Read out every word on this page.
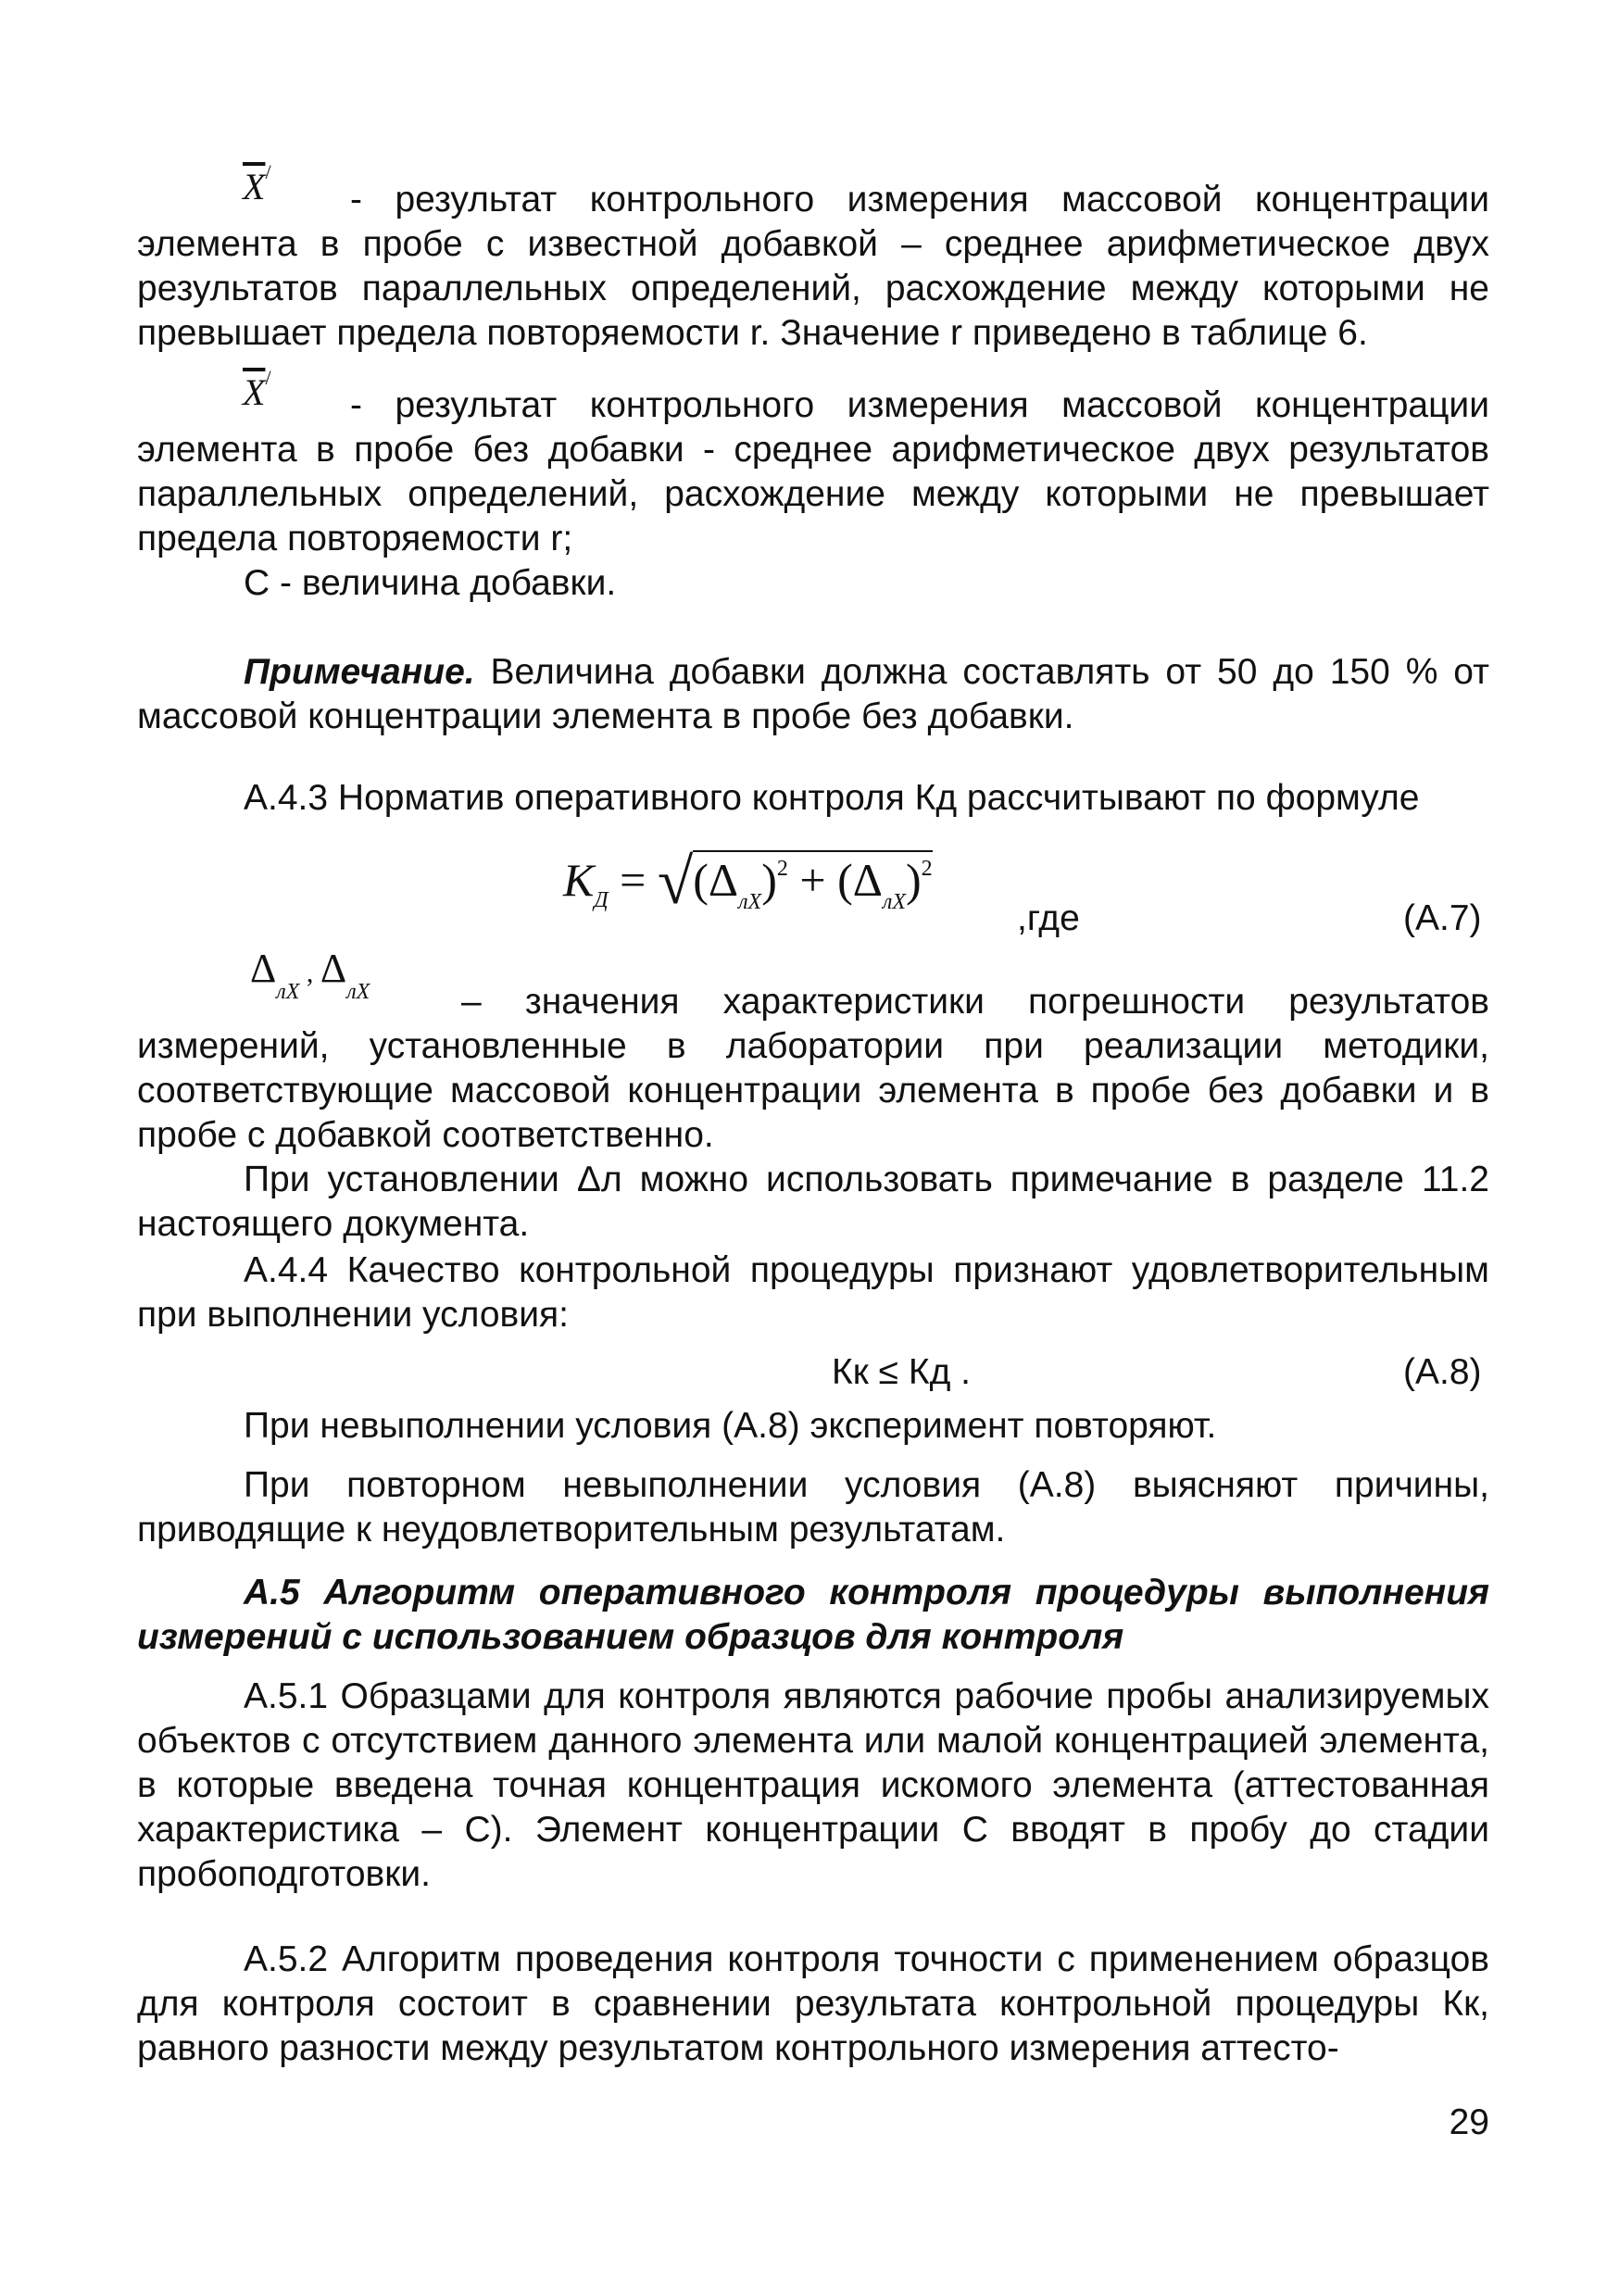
$\overline{X}^/$

- результат контрольного измерения массовой концентрации элемента в пробе с известной добавкой – среднее арифметическое двух результатов параллельных определений, расхождение между которыми не превышает предела повторяемости r. Значение r приведено в таблице 6.

$\overline{X}^/$

- результат контрольного измерения массовой концентрации элемента в пробе без добавки - среднее арифметическое двух результатов параллельных определений, расхождение между которыми не превышает предела повторяемости r;

С - величина добавки.

Примечание. Величина добавки должна составлять от 50 до 150 % от массовой концентрации элемента в пробе без добавки.

А.4.3 Норматив оперативного контроля Кд рассчитывают по формуле

$K_Д = √(\Delta_{лX})^2 + (\Delta_{лX})^2$
,где	(А.7)
$\Delta_{лX}$ , $\Delta_{лX}$	– значения характеристики погрешности результатов измерений, установленные в лаборатории при реализации методики, соответствующие массовой концентрации элемента в пробе без добавки и в пробе с добавкой соответственно.

При установлении Δл можно использовать примечание в разделе 11.2 настоящего документа.

А.4.4 Качество контрольной процедуры признают удовлетворительным при выполнении условия:

Кк ≤ Кд .	(А.8)

При невыполнении условия (А.8) эксперимент повторяют.

При повторном невыполнении условия (А.8) выясняют причины, приводящие к неудовлетворительным результатам.

А.5 Алгоритм оперативного контроля процедуры выполнения измерений с использованием образцов для контроля

А.5.1 Образцами для контроля являются рабочие пробы анализируемых объектов с отсутствием данного элемента или малой концентрацией элемента, в которые введена точная концентрация искомого элемента (аттестованная характеристика – С). Элемент концентрации С вводят в пробу до стадии пробоподготовки.

А.5.2 Алгоритм проведения контроля точности с применением образцов для контроля состоит в сравнении результата контрольной процедуры Кк, равного разности между результатом контрольного измерения аттесто-

29
